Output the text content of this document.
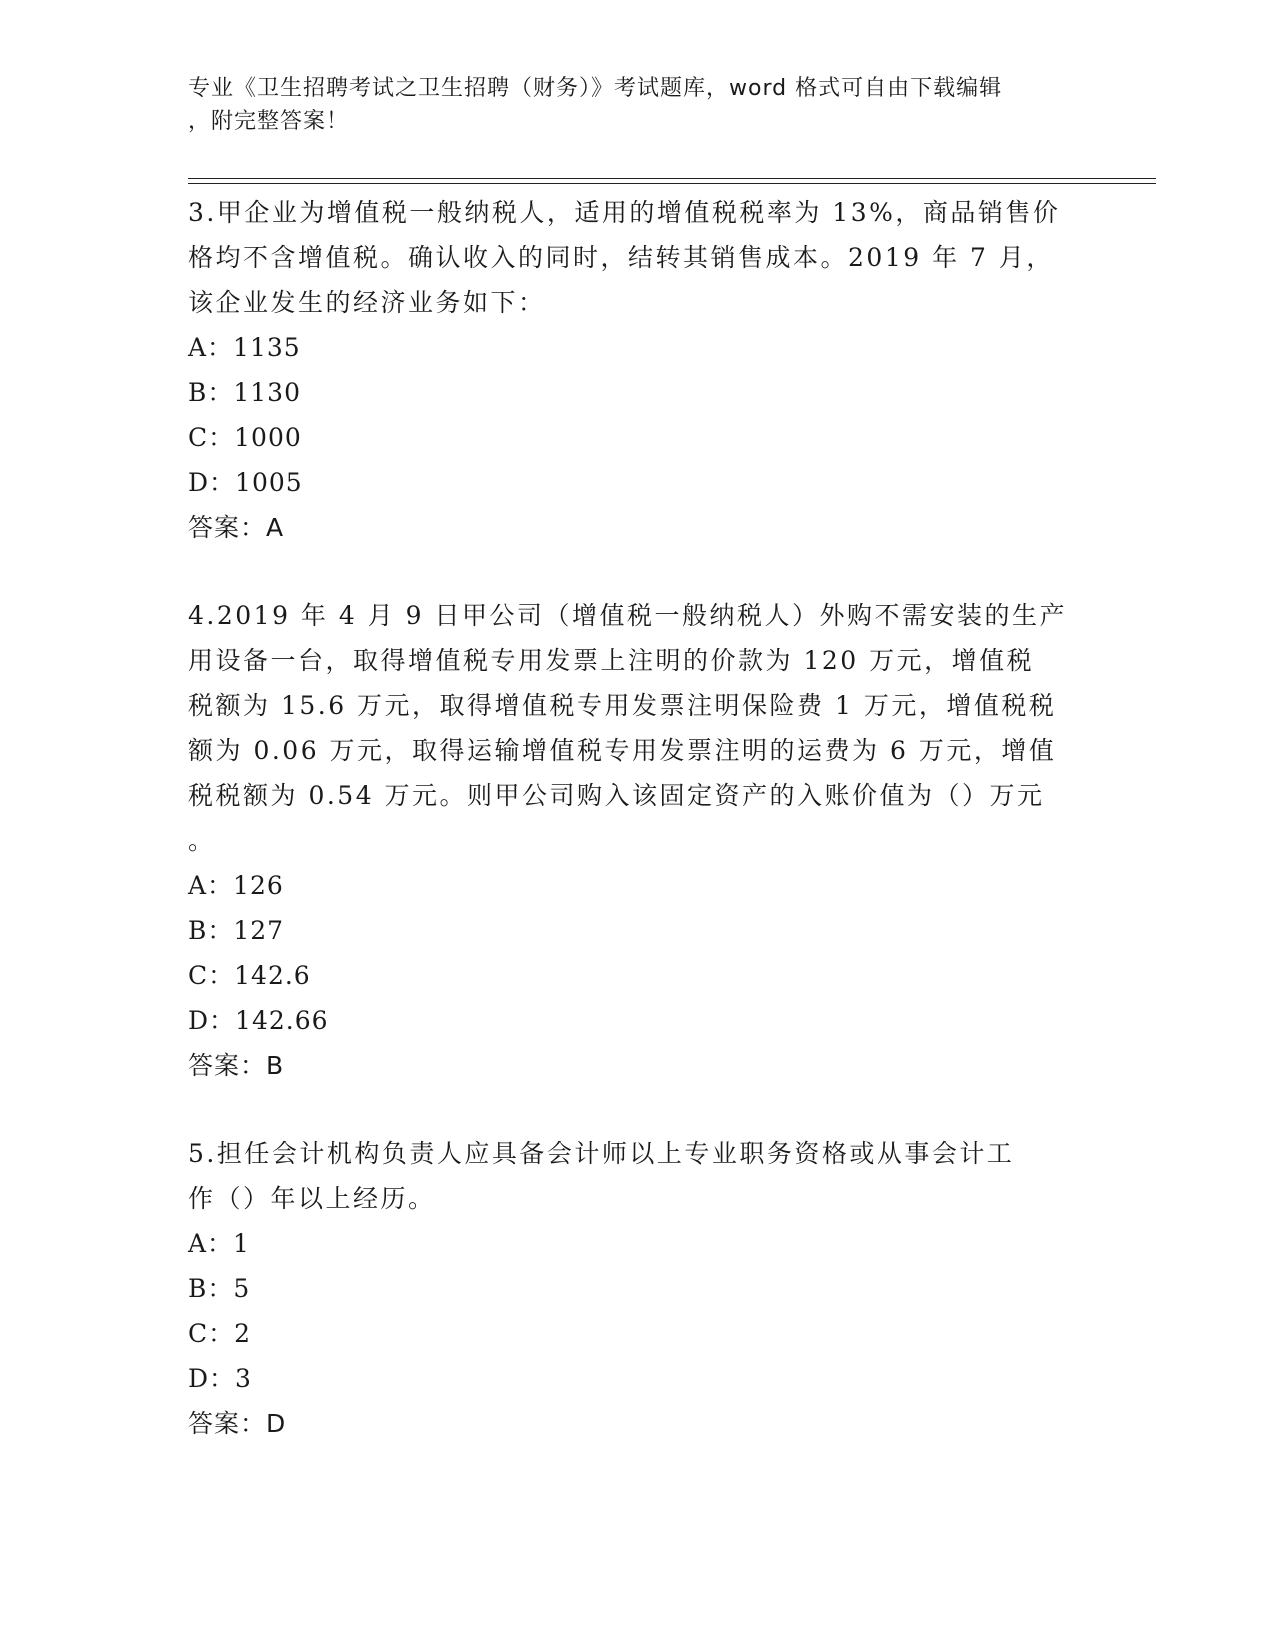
专业《卫生招聘考试之卫生招聘（财务）》考试题库，word 格式可自由下载编辑

，附完整答案！

3.甲企业为增值税一般纳税人，适用的增值税税率为 13%，商品销售价
格均不含增值税。确认收入的同时，结转其销售成本。2019 年 7 月，
该企业发生的经济业务如下：

A：1135

B：1130

C：1000

D：1005

答案：A

4.2019 年 4 月 9 日甲公司（增值税一般纳税人）外购不需安装的生产
用设备一台，取得增值税专用发票上注明的价款为 120 万元，增值税
税额为 15.6 万元，取得增值税专用发票注明保险费 1 万元，增值税税
额为 0.06 万元，取得运输增值税专用发票注明的运费为 6 万元，增值
税税额为 0.54 万元。则甲公司购入该固定资产的入账价值为（）万元
。

A：126

B：127

C：142.6

D：142.66

答案：B

5.担任会计机构负责人应具备会计师以上专业职务资格或从事会计工
作（）年以上经历。

A：1

B：5

C：2

D：3

答案：D
